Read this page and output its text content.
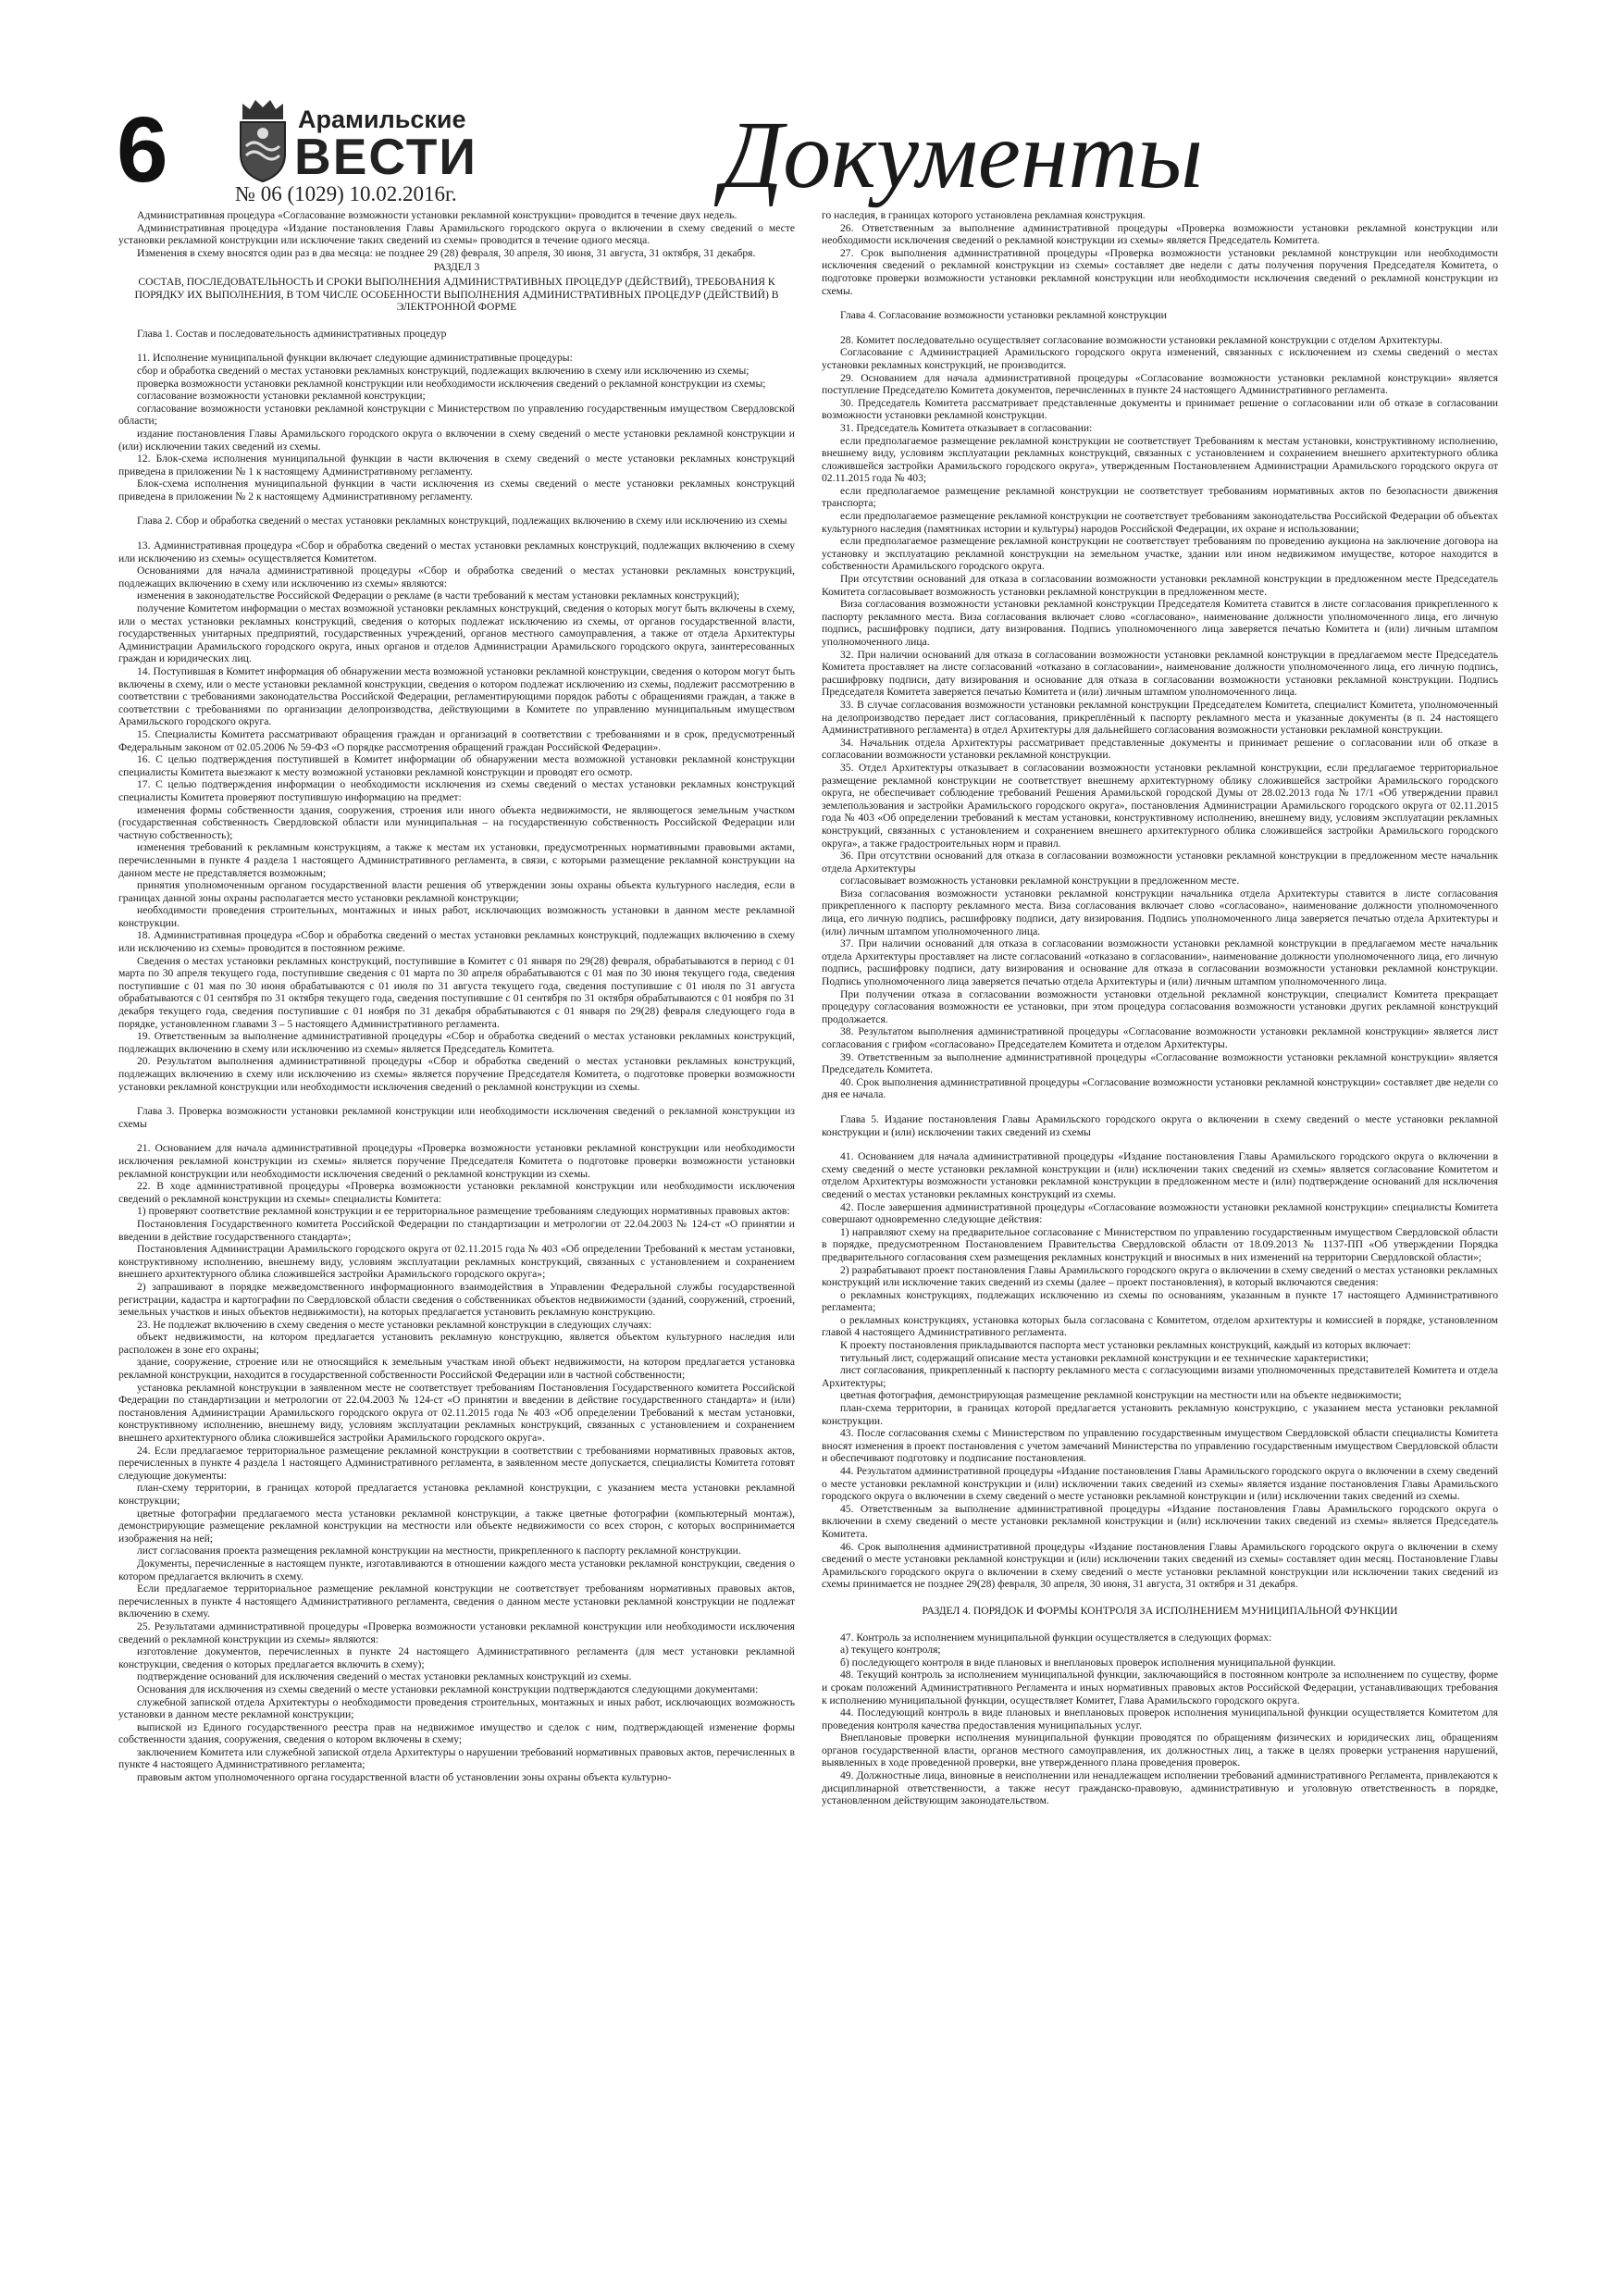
6	Арамильские
ВЕСТИ
№ 06 (1029) 10.02.2016г.	Документы

Административная процедура «Согласование возможности установки рекламной конструкции» проводится в течение двух недель.

Административная процедура «Издание постановления Главы Арамильского городского округа о включении в схему сведений о месте установки рекламной конструкции или исключение таких сведений из схемы» проводится в течение одного месяца.

Изменения в схему вносятся один раз в два месяца: не позднее 29 (28) февраля, 30 апреля, 30 июня, 31 августа, 31 октября, 31 декабря.

РАЗДЕЛ 3

СОСТАВ, ПОСЛЕДОВАТЕЛЬНОСТЬ И СРОКИ ВЫПОЛНЕНИЯ АДМИНИСТРАТИВНЫХ ПРОЦЕДУР (ДЕЙСТВИЙ), ТРЕБОВАНИЯ К ПОРЯДКУ ИХ ВЫПОЛНЕНИЯ, В ТОМ ЧИСЛЕ ОСОБЕННОСТИ ВЫПОЛНЕНИЯ АДМИНИСТРАТИВНЫХ ПРОЦЕДУР (ДЕЙСТВИЙ) В ЭЛЕКТРОННОЙ ФОРМЕ

Глава 1. Состав и последовательность административных процедур

11. Исполнение муниципальной функции включает следующие административные процедуры:

сбор и обработка сведений о местах установки рекламных конструкций, подлежащих включению в схему или исключению из схемы;

проверка возможности установки рекламной конструкции или необходимости исключения сведений о рекламной конструкции из схемы;

согласование возможности установки рекламной конструкции;

согласование возможности установки рекламной конструкции с Министерством по управлению государственным имуществом Свердловской области;

издание постановления Главы Арамильского городского округа о включении в схему сведений о месте установки рекламной конструкции и (или) исключении таких сведений из схемы.

12. Блок-схема исполнения муниципальной функции в части включения в схему сведений о месте установки рекламных конструкций приведена в приложении № 1 к настоящему Административному регламенту.

Блок-схема исполнения муниципальной функции в части исключения из схемы сведений о месте установки рекламных конструкций приведена в приложении № 2 к настоящему Административному регламенту.

Глава 2. Сбор и обработка сведений о местах установки рекламных конструкций, подлежащих включению в схему или исключению из схемы

13. Административная процедура «Сбор и обработка сведений о местах установки рекламных конструкций, подлежащих включению в схему или исключению из схемы» осуществляется Комитетом.

Основаниями для начала административной процедуры «Сбор и обработка сведений о местах установки рекламных конструкций, подлежащих включению в схему или исключению из схемы» являются:

изменения в законодательстве Российской Федерации о рекламе (в части требований к местам установки рекламных конструкций);

получение Комитетом информации о местах возможной установки рекламных конструкций, сведения о которых могут быть включены в схему, или о местах установки рекламных конструкций, сведения о которых подлежат исключению из схемы, от органов государственной власти, государственных унитарных предприятий, государственных учреждений, органов местного самоуправления, а также от отдела Архитектуры Администрации Арамильского городского округа, иных органов и отделов Администрации Арамильского городского округа, заинтересованных граждан и юридических лиц.

14. Поступившая в Комитет информация об обнаружении места возможной установки рекламной конструкции, сведения о котором могут быть включены в схему, или о месте установки рекламной конструкции, сведения о котором подлежат исключению из схемы, подлежит рассмотрению в соответствии с требованиями законодательства Российской Федерации, регламентирующими порядок работы с обращениями граждан, а также в соответствии с требованиями по организации делопроизводства, действующими в Комитете по управлению муниципальным имуществом Арамильского городского округа.

15. Специалисты Комитета рассматривают обращения граждан и организаций в соответствии с требованиями и в срок, предусмотренный Федеральным законом от 02.05.2006 № 59-ФЗ «О порядке рассмотрения обращений граждан Российской Федерации».

16. С целью подтверждения поступившей в Комитет информации об обнаружении места возможной установки рекламной конструкции специалисты Комитета выезжают к месту возможной установки рекламной конструкции и проводят его осмотр.

17. С целью подтверждения информации о необходимости исключения из схемы сведений о местах установки рекламных конструкций специалисты Комитета проверяют поступившую информацию на предмет:

изменения формы собственности здания, сооружения, строения или иного объекта недвижимости, не являющегося земельным участком (государственная собственность Свердловской области или муниципальная – на государственную собственность Российской Федерации или частную собственность);

изменения требований к рекламным конструкциям, а также к местам их установки, предусмотренных нормативными правовыми актами, перечисленными в пункте 4 раздела 1 настоящего Административного регламента, в связи, с которыми размещение рекламной конструкции на данном месте не представляется возможным;

принятия уполномоченным органом государственной власти решения об утверждении зоны охраны объекта культурного наследия, если в границах данной зоны охраны располагается место установки рекламной конструкции;

необходимости проведения строительных, монтажных и иных работ, исключающих возможность установки в данном месте рекламной конструкции.

18. Административная процедура «Сбор и обработка сведений о местах установки рекламных конструкций, подлежащих включению в схему или исключению из схемы» проводится в постоянном режиме.

Сведения о местах установки рекламных конструкций, поступившие в Комитет с 01 января по 29(28) февраля, обрабатываются в период с 01 марта по 30 апреля текущего года, поступившие сведения с 01 марта по 30 апреля обрабатываются с 01 мая по 30 июня текущего года, сведения поступившие с 01 мая по 30 июня обрабатываются с 01 июля по 31 августа текущего года, сведения поступившие с 01 июля по 31 августа обрабатываются с 01 сентября по 31 октября текущего года, сведения поступившие с 01 сентября по 31 октября обрабатываются с 01 ноября по 31 декабря текущего года, сведения поступившие с 01 ноября по 31 декабря обрабатываются с 01 января по 29(28) февраля следующего года в порядке, установленном главами 3 – 5 настоящего Административного регламента.

19. Ответственным за выполнение административной процедуры «Сбор и обработка сведений о местах установки рекламных конструкций, подлежащих включению в схему или исключению из схемы» является Председатель Комитета.

20. Результатом выполнения административной процедуры «Сбор и обработка сведений о местах установки рекламных конструкций, подлежащих включению в схему или исключению из схемы» является поручение Председателя Комитета, о подготовке проверки возможности установки рекламной конструкции или необходимости исключения сведений о рекламной конструкции из схемы.

Глава 3. Проверка возможности установки рекламной конструкции или необходимости исключения сведений о рекламной конструкции из схемы

21. Основанием для начала административной процедуры «Проверка возможности установки рекламной конструкции или необходимости исключения рекламной конструкции из схемы» является поручение Председателя Комитета о подготовке проверки возможности установки рекламной конструкции или необходимости исключения сведений о рекламной конструкции из схемы.

22. В ходе административной процедуры «Проверка возможности установки рекламной конструкции или необходимости исключения сведений о рекламной конструкции из схемы» специалисты Комитета:

1) проверяют соответствие рекламной конструкции и ее территориальное размещение требованиям следующих нормативных правовых актов:

Постановления Государственного комитета Российской Федерации по стандартизации и метрологии от 22.04.2003 № 124-ст «О принятии и введении в действие государственного стандарта»;

Постановления Администрации Арамильского городского округа от 02.11.2015 года № 403 «Об определении Требований к местам установки, конструктивному исполнению, внешнему виду, условиям эксплуатации рекламных конструкций, связанных с установлением и сохранением внешнего архитектурного облика сложившейся застройки Арамильского городского округа»;

2) запрашивают в порядке межведомственного информационного взаимодействия в Управлении Федеральной службы государственной регистрации, кадастра и картографии по Свердловской области сведения о собственниках объектов недвижимости (зданий, сооружений, строений, земельных участков и иных объектов недвижимости), на которых предлагается установить рекламную конструкцию.

23. Не подлежат включению в схему сведения о месте установки рекламной конструкции в следующих случаях:

объект недвижимости, на котором предлагается установить рекламную конструкцию, является объектом культурного наследия или расположен в зоне его охраны;

здание, сооружение, строение или не относящийся к земельным участкам иной объект недвижимости, на котором предлагается установка рекламной конструкции, находится в государственной собственности Российской Федерации или в частной собственности;

установка рекламной конструкции в заявленном месте не соответствует требованиям Постановления Государственного комитета Российской Федерации по стандартизации и метрологии от 22.04.2003 № 124-ст «О принятии и введении в действие государственного стандарта» и (или) постановления Администрации Арамильского городского округа от 02.11.2015 года № 403 «Об определении Требований к местам установки, конструктивному исполнению, внешнему виду, условиям эксплуатации рекламных конструкций, связанных с установлением и сохранением внешнего архитектурного облика сложившейся застройки Арамильского городского округа».

24. Если предлагаемое территориальное размещение рекламной конструкции в соответствии с требованиями нормативных правовых актов, перечисленных в пункте 4 раздела 1 настоящего Административного регламента, в заявленном месте допускается, специалисты Комитета готовят следующие документы:

план-схему территории, в границах которой предлагается установка рекламной конструкции, с указанием места установки рекламной конструкции;

цветные фотографии предлагаемого места установки рекламной конструкции, а также цветные фотографии (компьютерный монтаж), демонстрирующие размещение рекламной конструкции на местности или объекте недвижимости со всех сторон, с которых воспринимается изображения на ней;

лист согласования проекта размещения рекламной конструкции на местности, прикрепленного к паспорту рекламной конструкции.

Документы, перечисленные в настоящем пункте, изготавливаются в отношении каждого места установки рекламной конструкции, сведения о котором предлагается включить в схему.

Если предлагаемое территориальное размещение рекламной конструкции не соответствует требованиям нормативных правовых актов, перечисленных в пункте 4 настоящего Административного регламента, сведения о данном месте установки рекламной конструкции не подлежат включению в схему.

25. Результатами административной процедуры «Проверка возможности установки рекламной конструкции или необходимости исключения сведений о рекламной конструкции из схемы» являются:

изготовление документов, перечисленных в пункте 24 настоящего Административного регламента (для мест установки рекламной конструкции, сведения о которых предлагается включить в схему);

подтверждение оснований для исключения сведений о местах установки рекламных конструкций из схемы.

Основания для исключения из схемы сведений о месте установки рекламной конструкции подтверждаются следующими документами:

служебной запиской отдела Архитектуры о необходимости проведения строительных, монтажных и иных работ, исключающих возможность установки в данном месте рекламной конструкции;

выпиской из Единого государственного реестра прав на недвижимое имущество и сделок с ним, подтверждающей изменение формы собственности здания, сооружения, сведения о котором включены в схему;

заключением Комитета или служебной запиской отдела Архитектуры о нарушении требований нормативных правовых актов, перечисленных в пункте 4 настоящего Административного регламента;

правовым актом уполномоченного органа государственной власти об установлении зоны охраны объекта культурно-

го наследия, в границах которого установлена рекламная конструкция.

26. Ответственным за выполнение административной процедуры «Проверка возможности установки рекламной конструкции или необходимости исключения сведений о рекламной конструкции из схемы» является Председатель Комитета.

27. Срок выполнения административной процедуры «Проверка возможности установки рекламной конструкции или необходимости исключения сведений о рекламной конструкции из схемы» составляет две недели с даты получения поручения Председателя Комитета, о подготовке проверки возможности установки рекламной конструкции или необходимости исключения сведений о рекламной конструкции из схемы.

Глава 4. Согласование возможности установки рекламной конструкции

28. Комитет последовательно осуществляет согласование возможности установки рекламной конструкции с отделом Архитектуры.

Согласование с Администрацией Арамильского городского округа изменений, связанных с исключением из схемы сведений о местах установки рекламных конструкций, не производится.

29. Основанием для начала административной процедуры «Согласование возможности установки рекламной конструкции» является поступление Председателю Комитета документов, перечисленных в пункте 24 настоящего Административного регламента.

30. Председатель Комитета рассматривает представленные документы и принимает решение о согласовании или об отказе в согласовании возможности установки рекламной конструкции.

31. Председатель Комитета отказывает в согласовании:

если предполагаемое размещение рекламной конструкции не соответствует Требованиям к местам установки, конструктивному исполнению, внешнему виду, условиям эксплуатации рекламных конструкций, связанных с установлением и сохранением внешнего архитектурного облика сложившейся застройки Арамильского городского округа», утвержденным Постановлением Администрации Арамильского городского округа от 02.11.2015 года № 403;

если предполагаемое размещение рекламной конструкции не соответствует требованиям нормативных актов по безопасности движения транспорта;

если предполагаемое размещение рекламной конструкции не соответствует требованиям законодательства Российской Федерации об объектах культурного наследия (памятниках истории и культуры) народов Российской Федерации, их охране и использовании;

если предполагаемое размещение рекламной конструкции не соответствует требованиям по проведению аукциона на заключение договора на установку и эксплуатацию рекламной конструкции на земельном участке, здании или ином недвижимом имуществе, которое находится в собственности Арамильского городского округа.

При отсутствии оснований для отказа в согласовании возможности установки рекламной конструкции в предложенном месте Председатель Комитета согласовывает возможность установки рекламной конструкции в предложенном месте.

Виза согласования возможности установки рекламной конструкции Председателя Комитета ставится в листе согласования прикрепленного к паспорту рекламного места. Виза согласования включает слово «согласовано», наименование должности уполномоченного лица, его личную подпись, расшифровку подписи, дату визирования. Подпись уполномоченного лица заверяется печатью Комитета и (или) личным штампом уполномоченного лица.

32. При наличии оснований для отказа в согласовании возможности установки рекламной конструкции в предлагаемом месте Председатель Комитета проставляет на листе согласований «отказано в согласовании», наименование должности уполномоченного лица, его личную подпись, расшифровку подписи, дату визирования и основание для отказа в согласовании возможности установки рекламной конструкции. Подпись Председателя Комитета заверяется печатью Комитета и (или) личным штампом уполномоченного лица.

33. В случае согласования возможности установки рекламной конструкции Председателем Комитета, специалист Комитета, уполномоченный на делопроизводство передает лист согласования, прикреплённый к паспорту рекламного места и указанные документы (в п. 24 настоящего Административного регламента) в отдел Архитектуры для дальнейшего согласования возможности установки рекламной конструкции.

34. Начальник отдела Архитектуры рассматривает представленные документы и принимает решение о согласовании или об отказе в согласовании возможности установки рекламной конструкции.

35. Отдел Архитектуры отказывает в согласовании возможности установки рекламной конструкции, если предлагаемое территориальное размещение рекламной конструкции не соответствует внешнему архитектурному облику сложившейся застройки Арамильского городского округа, не обеспечивает соблюдение требований Решения Арамильской городской Думы от 28.02.2013 года № 17/1 «Об утверждении правил землепользования и застройки Арамильского городского округа», постановления Администрации Арамильского городского округа от 02.11.2015 года № 403 «Об определении требований к местам установки, конструктивному исполнению, внешнему виду, условиям эксплуатации рекламных конструкций, связанных с установлением и сохранением внешнего архитектурного облика сложившейся застройки Арамильского городского округа», а также градостроительных норм и правил.

36. При отсутствии оснований для отказа в согласовании возможности установки рекламной конструкции в предложенном месте начальник отдела Архитектуры

согласовывает возможность установки рекламной конструкции в предложенном месте.

Виза согласования возможности установки рекламной конструкции начальника отдела Архитектуры ставится в листе согласования прикрепленного к паспорту рекламного места. Виза согласования включает слово «согласовано», наименование должности уполномоченного лица, его личную подпись, расшифровку подписи, дату визирования. Подпись уполномоченного лица заверяется печатью отдела Архитектуры и (или) личным штампом уполномоченного лица.

37. При наличии оснований для отказа в согласовании возможности установки рекламной конструкции в предлагаемом месте начальник отдела Архитектуры проставляет на листе согласований «отказано в согласовании», наименование должности уполномоченного лица, его личную подпись, расшифровку подписи, дату визирования и основание для отказа в согласовании возможности установки рекламной конструкции. Подпись уполномоченного лица заверяется печатью отдела Архитектуры и (или) личным штампом уполномоченного лица.

При получении отказа в согласовании возможности установки отдельной рекламной конструкции, специалист Комитета прекращает процедуру согласования возможности ее установки, при этом процедура согласования возможности установки других рекламной конструкций продолжается.

38. Результатом выполнения административной процедуры «Согласование возможности установки рекламной конструкции» является лист согласования с грифом «согласовано» Председателем Комитета и отделом Архитектуры.

39. Ответственным за выполнение административной процедуры «Согласование возможности установки рекламной конструкции» является Председатель Комитета.

40. Срок выполнения административной процедуры «Согласование возможности установки рекламной конструкции» составляет две недели со дня ее начала.

Глава 5. Издание постановления Главы Арамильского городского округа о включении в схему сведений о месте установки рекламной конструкции и (или) исключении таких сведений из схемы

41. Основанием для начала административной процедуры «Издание постановления Главы Арамильского городского округа о включении в схему сведений о месте установки рекламной конструкции и (или) исключении таких сведений из схемы» является согласование Комитетом и отделом Архитектуры возможности установки рекламной конструкции в предложенном месте и (или) подтверждение оснований для исключения сведений о местах установки рекламных конструкций из схемы.

42. После завершения административной процедуры «Согласование возможности установки рекламной конструкции» специалисты Комитета совершают одновременно следующие действия:

1) направляют схему на предварительное согласование с Министерством по управлению государственным имуществом Свердловской области в порядке, предусмотренном Постановлением Правительства Свердловской области от 18.09.2013 № 1137-ПП «Об утверждении Порядка предварительного согласования схем размещения рекламных конструкций и вносимых в них изменений на территории Свердловской области»;

2) разрабатывают проект постановления Главы Арамильского городского округа о включении в схему сведений о местах установки рекламных конструкций или исключение таких сведений из схемы (далее – проект постановления), в который включаются сведения:

о рекламных конструкциях, подлежащих исключению из схемы по основаниям, указанным в пункте 17 настоящего Административного регламента;

о рекламных конструкциях, установка которых была согласована с Комитетом, отделом архитектуры и комиссией в порядке, установленном главой 4 настоящего Административного регламента.

К проекту постановления прикладываются паспорта мест установки рекламных конструкций, каждый из которых включает:

титульный лист, содержащий описание места установки рекламной конструкции и ее технические характеристики;

лист согласования, прикрепленный к паспорту рекламного места с согласующими визами уполномоченных представителей Комитета и отдела Архитектуры;

цветная фотография, демонстрирующая размещение рекламной конструкции на местности или на объекте недвижимости;

план-схема территории, в границах которой предлагается установить рекламную конструкцию, с указанием места установки рекламной конструкции.

43. После согласования схемы с Министерством по управлению государственным имуществом Свердловской области специалисты Комитета вносят изменения в проект постановления с учетом замечаний Министерства по управлению государственным имуществом Свердловской области и обеспечивают подготовку и подписание постановления.

44. Результатом административной процедуры «Издание постановления Главы Арамильского городского округа о включении в схему сведений о месте установки рекламной конструкции и (или) исключении таких сведений из схемы» является издание постановления Главы Арамильского городского округа о включении в схему сведений о месте установки рекламной конструкции и (или) исключении таких сведений из схемы.

45. Ответственным за выполнение административной процедуры «Издание постановления Главы Арамильского городского округа о включении в схему сведений о месте установки рекламной конструкции и (или) исключении таких сведений из схемы» является Председатель Комитета.

46. Срок выполнения административной процедуры «Издание постановления Главы Арамильского городского округа о включении в схему сведений о месте установки рекламной конструкции и (или) исключении таких сведений из схемы» составляет один месяц. Постановление Главы Арамильского городского округа о включении в схему сведений о месте установки рекламной конструкции или исключении таких сведений из схемы принимается не позднее 29(28) февраля, 30 апреля, 30 июня, 31 августа, 31 октября и 31 декабря.

РАЗДЕЛ 4. ПОРЯДОК И ФОРМЫ КОНТРОЛЯ ЗА ИСПОЛНЕНИЕМ МУНИЦИПАЛЬНОЙ ФУНКЦИИ

47. Контроль за исполнением муниципальной функции осуществляется в следующих формах:

а) текущего контроля;

б) последующего контроля в виде плановых и внеплановых проверок исполнения муниципальной функции.

48. Текущий контроль за исполнением муниципальной функции, заключающийся в постоянном контроле за исполнением по существу, форме и срокам положений Административного Регламента и иных нормативных правовых актов Российской Федерации, устанавливающих требования к исполнению муниципальной функции, осуществляет Комитет, Глава Арамильского городского округа.

44. Последующий контроль в виде плановых и внеплановых проверок исполнения муниципальной функции осуществляется Комитетом для проведения контроля качества предоставления муниципальных услуг.

Внеплановые проверки исполнения муниципальной функции проводятся по обращениям физических и юридических лиц, обращениям органов государственной власти, органов местного самоуправления, их должностных лиц, а также в целях проверки устранения нарушений, выявленных в ходе проведенной проверки, вне утвержденного плана проведения проверок.

49. Должностные лица, виновные в неисполнении или ненадлежащем исполнении требований административного Регламента, привлекаются к дисциплинарной ответственности, а также несут гражданско-правовую, административную и уголовную ответственность в порядке, установленном действующим законодательством.
